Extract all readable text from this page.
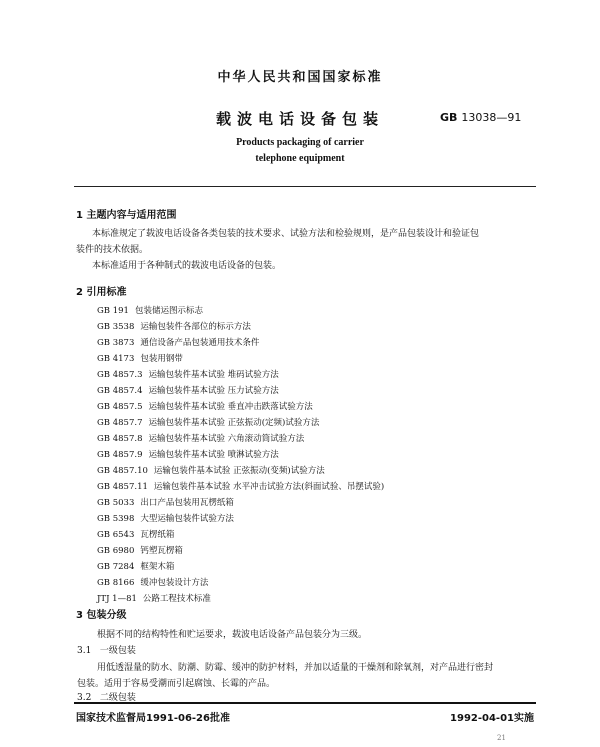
中华人民共和国国家标准
载波电话设备包装	GB 13038—91
Products packaging of carrier
telephone equipment
1 主题内容与适用范围
本标准规定了载波电话设备各类包装的技术要求、试验方法和检验规则，是产品包装设计和验证包
装件的技术依据。
本标准适用于各种制式的载波电话设备的包装。
2 引用标准
GB 191 包装储运图示标志
GB 3538 运输包装件各部位的标示方法
GB 3873 通信设备产品包装通用技术条件
GB 4173 包装用钢带
GB 4857.3 运输包装件基本试验 堆码试验方法
GB 4857.4 运输包装件基本试验 压力试验方法
GB 4857.5 运输包装件基本试验 垂直冲击跌落试验方法
GB 4857.7 运输包装件基本试验 正弦振动(定频)试验方法
GB 4857.8 运输包装件基本试验 六角滚动筒试验方法
GB 4857.9 运输包装件基本试验 喷淋试验方法
GB 4857.10 运输包装件基本试验 正弦振动(变频)试验方法
GB 4857.11 运输包装件基本试验 水平冲击试验方法(斜面试验、吊摆试验)
GB 5033 出口产品包装用瓦楞纸箱
GB 5398 大型运输包装件试验方法
GB 6543 瓦楞纸箱
GB 6980 钙塑瓦楞箱
GB 7284 框架木箱
GB 8166 缓冲包装设计方法
JTJ 1—81 公路工程技术标准
3 包装分级
根据不同的结构特性和贮运要求，载波电话设备产品包装分为三级。
3.1 一级包装
用低透湿量的防水、防潮、防霉、缓冲的防护材料，并加以适量的干燥剂和除氧剂，对产品进行密封
包装。适用于容易受潮而引起腐蚀、长霉的产品。
3.2 二级包装
国家技术监督局1991-06-26批准	1992-04-01实施
21
